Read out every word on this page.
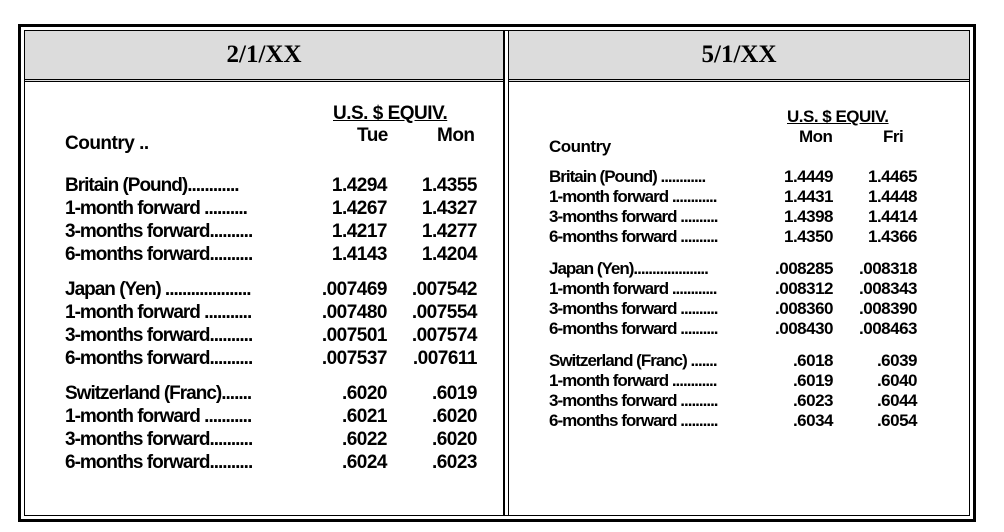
2/1/XX	5/1/XX
U.S. $ EQUIV.
Country ..	Tue	Mon
Britain (Pound)............	1.4294	1.4355
1-month forward ..........	1.4267	1.4327
3-months forward..........	1.4217	1.4277
6-months forward..........	1.4143	1.4204
Japan (Yen) ....................	.007469	.007542
1-month forward ...........	.007480	.007554
3-months forward..........	.007501	.007574
6-months forward..........	.007537	.007611
Switzerland (Franc).......	.6020	.6019
1-month forward ...........	.6021	.6020
3-months forward..........	.6022	.6020
6-months forward..........	.6024	.6023
U.S. $ EQUIV.
Country
Mon	Fri
Britain (Pound) ............	1.4449	1.4465
1-month forward ............	1.4431	1.4448
3-months forward ..........	1.4398	1.4414
6-months forward ..........	1.4350	1.4366
Japan (Yen)....................	.008285	.008318
1-month forward ............	.008312	.008343
3-months forward ..........	.008360	.008390
6-months forward ..........	.008430	.008463
Switzerland (Franc) .......	.6018	.6039
1-month forward ............	.6019	.6040
3-months forward ..........	.6023	.6044
6-months forward ..........	.6034	.6054
